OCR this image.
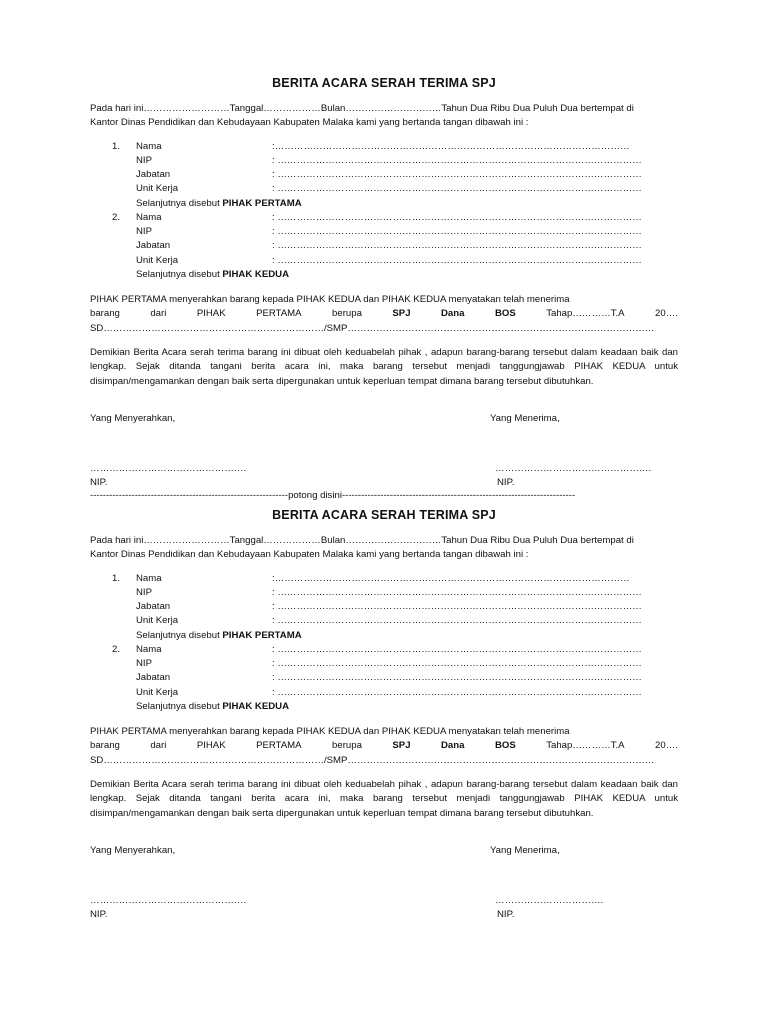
BERITA ACARA SERAH TERIMA SPJ
Pada hari ini………………………Tanggal………………Bulan…………………………Tahun Dua Ribu Dua Puluh Dua bertempat di
Kantor Dinas Pendidikan dan Kebudayaan Kabupaten Malaka kami yang bertanda tangan dibawah ini :
1. Nama	:…………………………………………………………………………………………………
NIP	: ……………………………………………………………………………………………………
Jabatan	: ……………………………………………………………………………………………………
Unit Kerja	: ……………………………………………………………………………………………………
Selanjutnya disebut PIHAK PERTAMA
2. Nama	: ……………………………………………………………………………………………………
NIP	: ……………………………………………………………………………………………………
Jabatan	: ……………………………………………………………………………………………………
Unit Kerja	: ……………………………………………………………………………………………………
Selanjutnya disebut PIHAK KEDUA
PIHAK PERTAMA menyerahkan barang kepada PIHAK KEDUA dan PIHAK KEDUA menyatakan telah menerima
barang	dari	PIHAK	PERTAMA	berupa	SPJ	Dana	BOS	Tahap…………T.A	20….
SD……………………………………………………………/SMP……………………………………………………………………………………
Demikian Berita Acara serah terima barang ini dibuat oleh keduabelah pihak , adapun barang-barang tersebut dalam keadaan baik dan lengkap. Sejak ditanda tangani berita acara ini, maka barang tersebut menjadi tanggungjawab PIHAK KEDUA untuk disimpan/mengamankan dengan baik serta dipergunakan untuk keperluan tempat dimana barang tersebut dibutuhkan.
Yang Menyerahkan,	Yang Menerima,
………………………………………….	………………………………………….
NIP.	NIP.
--------------------------------------------------------------potong disini-------------------------------------------------------------------------
BERITA ACARA SERAH TERIMA SPJ
Pada hari ini………………………Tanggal………………Bulan…………………………Tahun Dua Ribu Dua Puluh Dua bertempat di
Kantor Dinas Pendidikan dan Kebudayaan Kabupaten Malaka kami yang bertanda tangan dibawah ini :
1. Nama	:…………………………………………………………………………………………………
NIP	: ……………………………………………………………………………………………………
Jabatan	: ……………………………………………………………………………………………………
Unit Kerja	: ……………………………………………………………………………………………………
Selanjutnya disebut PIHAK PERTAMA
2. Nama	: ……………………………………………………………………………………………………
NIP	: ……………………………………………………………………………………………………
Jabatan	: ……………………………………………………………………………………………………
Unit Kerja	: ……………………………………………………………………………………………………
Selanjutnya disebut PIHAK KEDUA
PIHAK PERTAMA menyerahkan barang kepada PIHAK KEDUA dan PIHAK KEDUA menyatakan telah menerima
barang	dari	PIHAK	PERTAMA	berupa	SPJ	Dana	BOS	Tahap…………T.A	20….
SD……………………………………………………………/SMP……………………………………………………………………………………
Demikian Berita Acara serah terima barang ini dibuat oleh keduabelah pihak , adapun barang-barang tersebut dalam keadaan baik dan lengkap. Sejak ditanda tangani berita acara ini, maka barang tersebut menjadi tanggungjawab PIHAK KEDUA untuk disimpan/mengamankan dengan baik serta dipergunakan untuk keperluan tempat dimana barang tersebut dibutuhkan.
Yang Menyerahkan,	Yang Menerima,
………………………………………….	…………………………….
NIP.	NIP.
